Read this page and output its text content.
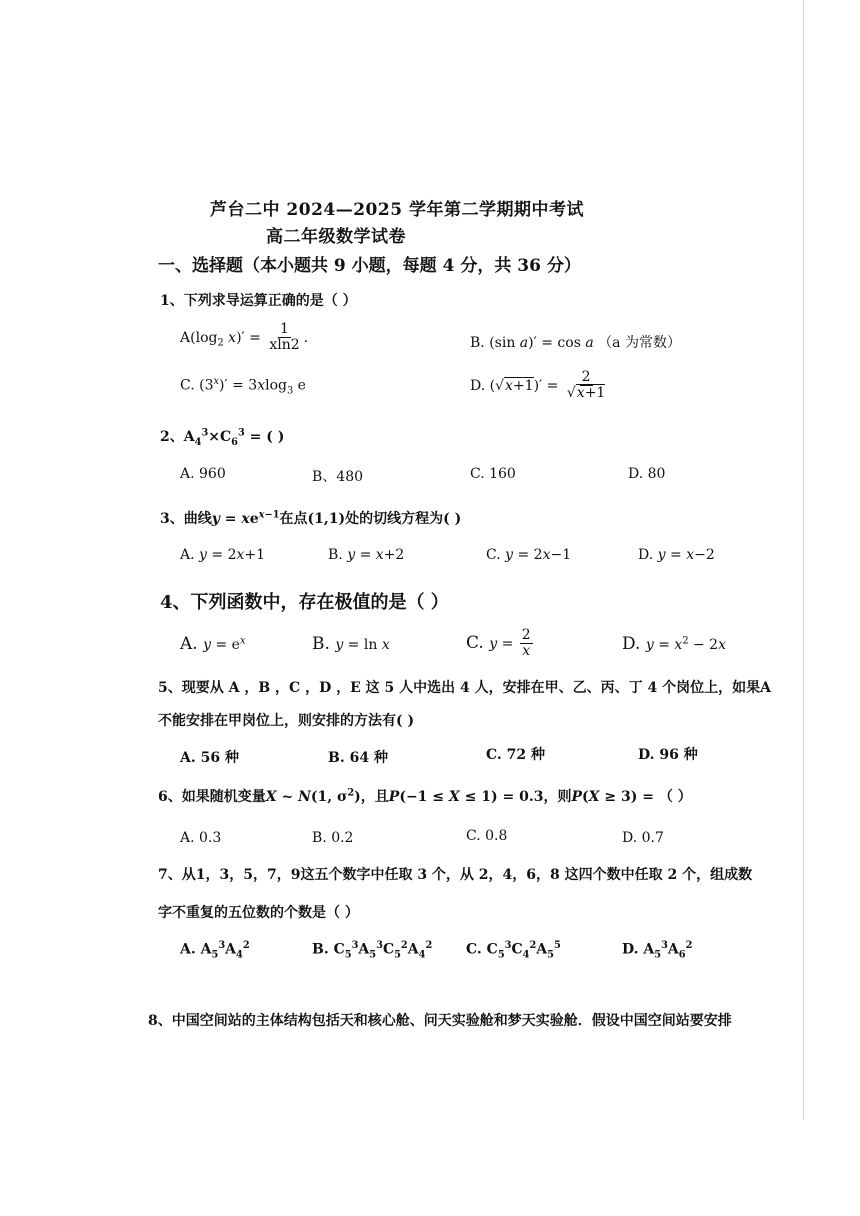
芦台二中 2024—2025 学年第二学期期中考试
高二年级数学试卷
一、选择题（本小题共 9 小题，每题 4 分，共 36 分）
1、下列求导运算正确的是（ ）
$A(\log_2$ $x)' = \frac{1}{xln2}$ .	B. (sin a)′ = cos a （a 为常数）
C. $(3^x)' = 3xlog_3$ e	D. $(√x+1)' = \frac{2}{√x+1}$
2、$A_4^3\times C_6^3$ = ( )
A. 960	B、480	C. 160	D. 80
3、曲线$y = xe^{x-1}$在点(1,1)处的切线方程为( )
A. y = 2x+1	B. y = x+2	C. y = 2x−1	D. y = x−2
4、下列函数中，存在极值的是（ ）
A. $y = e^x$	B. y = ln x	C. $y = \frac{2}{x}$	D. $y = x^2 - 2x$
5、现要从 A ，B ，C ，D ，E 这 5 人中选出 4 人，安排在甲、乙、丙、丁 4 个岗位上，如果A
不能安排在甲岗位上，则安排的方法有( )
A. 56 种	B. 64 种	C. 72 种	D. 96 种
6、如果随机变量X ~ N(1, $\sigma^2$)，且P(−1 ≤ X ≤ 1) = 0.3，则P(X ≥ 3) = （ ）
A. 0.3	B. 0.2	C. 0.8	D. 0.7
7、从1，3，5，7，9这五个数字中任取 3 个，从 2，4，6，8 这四个数中任取 2 个，组成数
字不重复的五位数的个数是（ ）
A. $A_5^3A_4^2$	B. $C_5^3A_5^3C_5^2A_4^2$ C. $C_5^3C_4^2A_5^5$	D. $A_5^3A_6^2$
8、中国空间站的主体结构包括天和核心舱、问天实验舱和梦天实验舱．假设中国空间站要安排
